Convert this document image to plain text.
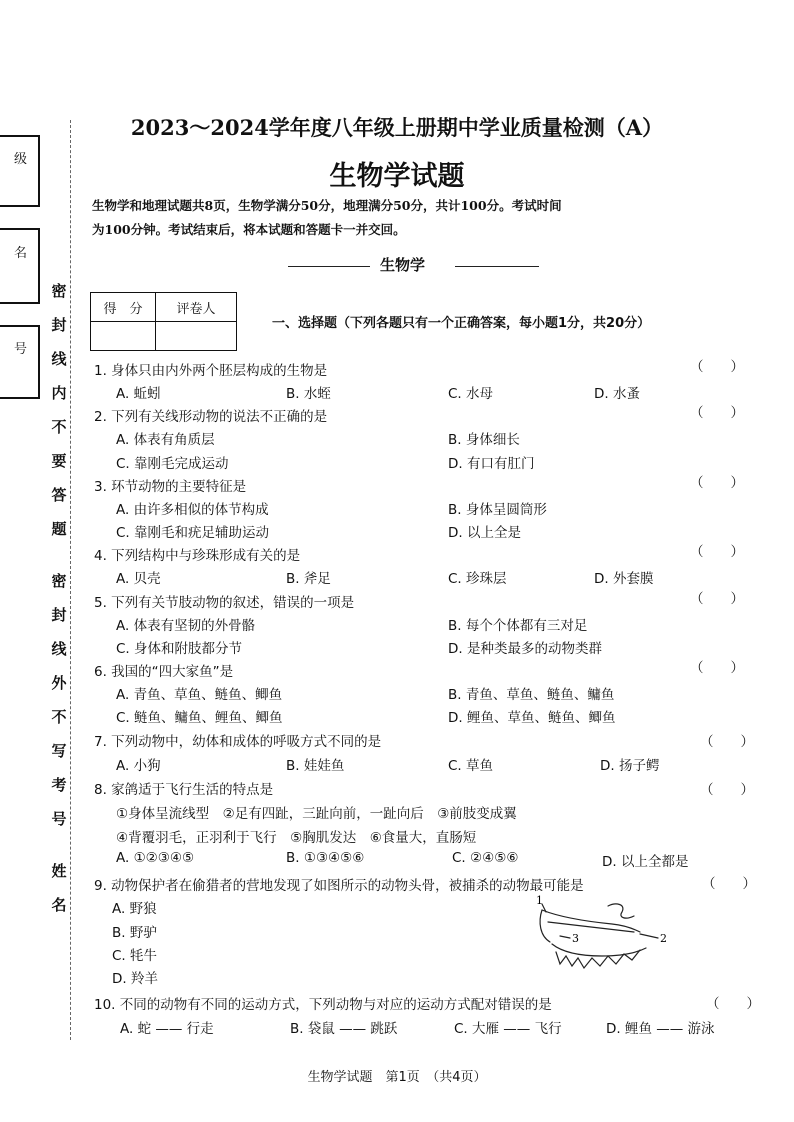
级
名
号
密
封
线
内
不
要
答
题
密
封
线
外
不
写
考
号
姓
名
2023～2024学年度八年级上册期中学业质量检测（A）
生物学试题
生物学和地理试题共8页，生物学满分50分，地理满分50分，共计100分。考试时间
为100分钟。考试结束后，将本试题和答题卡一并交回。
生物学
得　分	评卷人

一、选择题（下列各题只有一个正确答案，每小题1分，共20分）
1. 身体只由内外两个胚层构成的生物是	（　　）
A. 蚯蚓	B. 水蛭	C. 水母	D. 水蚤
2. 下列有关线形动物的说法不正确的是	（　　）
A. 体表有角质层	B. 身体细长
C. 靠刚毛完成运动	D. 有口有肛门
3. 环节动物的主要特征是	（　　）
A. 由许多相似的体节构成	B. 身体呈圆筒形
C. 靠刚毛和疣足辅助运动	D. 以上全是
4. 下列结构中与珍珠形成有关的是	（　　）
A. 贝壳	B. 斧足	C. 珍珠层	D. 外套膜
5. 下列有关节肢动物的叙述，错误的一项是	（　　）
A. 体表有坚韧的外骨骼	B. 每个个体都有三对足
C. 身体和附肢都分节	D. 是种类最多的动物类群
6. 我国的“四大家鱼”是	（　　）
A. 青鱼、草鱼、鲢鱼、鲫鱼	B. 青鱼、草鱼、鲢鱼、鳙鱼
C. 鲢鱼、鳙鱼、鲤鱼、鲫鱼	D. 鲤鱼、草鱼、鲢鱼、鲫鱼
7. 下列动物中，幼体和成体的呼吸方式不同的是	（　　）
A. 小狗	B. 娃娃鱼	C. 草鱼	D. 扬子鳄
8. 家鸽适于飞行生活的特点是	（　　）
①身体呈流线型　②足有四趾，三趾向前，一趾向后　③前肢变成翼
④背覆羽毛，正羽利于飞行　⑤胸肌发达　⑥食量大，直肠短
A. ①②③④⑤	B. ①③④⑤⑥	C. ②④⑤⑥	D. 以上全都是
9. 动物保护者在偷猎者的营地发现了如图所示的动物头骨，被捕杀的动物最可能是	（　　）
A. 野狼
B. 野驴
C. 牦牛
D. 羚羊
1
3	2
10. 不同的动物有不同的运动方式，下列动物与对应的运动方式配对错误的是	（　　）
A. 蛇 —— 行走	B. 袋鼠 —— 跳跃	C. 大雁 —— 飞行	D. 鲤鱼 —— 游泳
生物学试题　第1页　（共4页）
